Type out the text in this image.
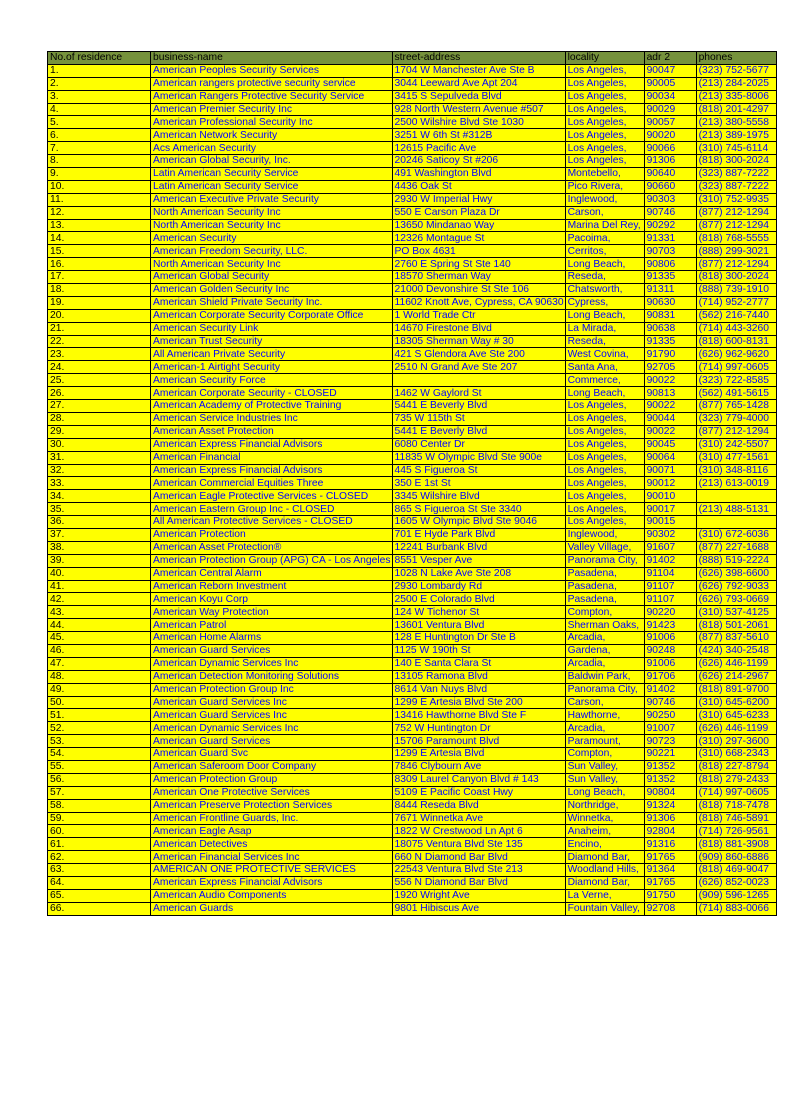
No.of residence	business-name	street-address	locality	adr 2	phones
1.	American Peoples Security Services	1704 W Manchester Ave Ste B	Los Angeles,	90047	(323) 752-5677
2.	American rangers protective security service	3044 Leeward Ave Apt 204	Los Angeles,	90005	(213) 284-2025
3.	American Rangers Protective Security Service	3415 S Sepulveda Blvd	Los Angeles,	90034	(213) 335-8006
4.	American Premier Security Inc	928 North Western Avenue #507	Los Angeles,	90029	(818) 201-4297
5.	American Professional Security Inc	2500 Wilshire Blvd Ste 1030	Los Angeles,	90057	(213) 380-5558
6.	American Network Security	3251 W 6th St #312B	Los Angeles,	90020	(213) 389-1975
7.	Acs American Security	12615 Pacific Ave	Los Angeles,	90066	(310) 745-6114
8.	American Global Security, Inc.	20246 Saticoy St #206	Los Angeles,	91306	(818) 300-2024
9.	Latin American Security Service	491 Washington Blvd	Montebello,	90640	(323) 887-7222
10.	Latin American Security Service	4436 Oak St	Pico Rivera,	90660	(323) 887-7222
11.	American Executive Private Security	2930 W Imperial Hwy	Inglewood,	90303	(310) 752-9935
12.	North American Security Inc	550 E Carson Plaza Dr	Carson,	90746	(877) 212-1294
13.	North American Security Inc	13650 Mindanao Way	Marina Del Rey,	90292	(877) 212-1294
14.	American Security	12326 Montague St	Pacoima,	91331	(818) 768-5555
15.	American Freedom Security, LLC.	PO Box 4631	Cerritos,	90703	(888) 299-3021
16.	North American Security Inc	2760 E Spring St Ste 140	Long Beach,	90806	(877) 212-1294
17.	American Global Security	18570 Sherman Way	Reseda,	91335	(818) 300-2024
18.	American Golden Security Inc	21000 Devonshire St Ste 106	Chatsworth,	91311	(888) 739-1910
19.	American Shield Private Security Inc.	11602 Knott Ave, Cypress, CA 90630	Cypress,	90630	(714) 952-2777
20.	American Corporate Security Corporate Office	1 World Trade Ctr	Long Beach,	90831	(562) 216-7440
21.	American Security Link	14670 Firestone Blvd	La Mirada,	90638	(714) 443-3260
22.	American Trust Security	18305 Sherman Way # 30	Reseda,	91335	(818) 600-8131
23.	All American Private Security	421 S Glendora Ave Ste 200	West Covina,	91790	(626) 962-9620
24.	American-1 Airtight Security	2510 N Grand Ave Ste 207	Santa Ana,	92705	(714) 997-0605
25.	American Security Force		Commerce,	90022	(323) 722-8585
26.	American Corporate Security - CLOSED	1462 W Gaylord St	Long Beach,	90813	(562) 491-5615
27.	American Academy of Protective Training	5441 E Beverly Blvd	Los Angeles,	90022	(877) 765-1428
28.	American Service Industries Inc	735 W 115th St	Los Angeles,	90044	(323) 779-4000
29.	American Asset Protection	5441 E Beverly Blvd	Los Angeles,	90022	(877) 212-1294
30.	American Express Financial Advisors	6080 Center Dr	Los Angeles,	90045	(310) 242-5507
31.	American Financial	11835 W Olympic Blvd Ste 900e	Los Angeles,	90064	(310) 477-1561
32.	American Express Financial Advisors	445 S Figueroa St	Los Angeles,	90071	(310) 348-8116
33.	American Commercial Equities Three	350 E 1st St	Los Angeles,	90012	(213) 613-0019
34.	American Eagle Protective Services - CLOSED	3345 Wilshire Blvd	Los Angeles,	90010	
35.	American Eastern Group Inc - CLOSED	865 S Figueroa St Ste 3340	Los Angeles,	90017	(213) 488-5131
36.	All American Protective Services - CLOSED	1605 W Olympic Blvd Ste 9046	Los Angeles,	90015	
37.	American Protection	701 E Hyde Park Blvd	Inglewood,	90302	(310) 672-6036
38.	American Asset Protection®	12241 Burbank Blvd	Valley Village,	91607	(877) 227-1688
39.	American Protection Group (APG) CA - Los Angeles	8551 Vesper Ave	Panorama City,	91402	(888) 519-2224
40.	American Central Alarm	1028 N Lake Ave Ste 208	Pasadena,	91104	(626) 398-6600
41.	American Reborn Investment	2930 Lombardy Rd	Pasadena,	91107	(626) 792-9033
42.	American Koyu Corp	2500 E Colorado Blvd	Pasadena,	91107	(626) 793-0669
43.	American Way Protection	124 W Tichenor St	Compton,	90220	(310) 537-4125
44.	American Patrol	13601 Ventura Blvd	Sherman Oaks,	91423	(818) 501-2061
45.	American Home Alarms	128 E Huntington Dr Ste B	Arcadia,	91006	(877) 837-5610
46.	American Guard Services	1125 W 190th St	Gardena,	90248	(424) 340-2548
47.	American Dynamic Services Inc	140 E Santa Clara St	Arcadia,	91006	(626) 446-1199
48.	American Detection Monitoring Solutions	13105 Ramona Blvd	Baldwin Park,	91706	(626) 214-2967
49.	American Protection Group Inc	8614 Van Nuys Blvd	Panorama City,	91402	(818) 891-9700
50.	American Guard Services Inc	1299 E Artesia Blvd Ste 200	Carson,	90746	(310) 645-6200
51.	American Guard Services Inc	13416 Hawthorne Blvd Ste F	Hawthorne,	90250	(310) 645-6233
52.	American Dynamic Services Inc	752 W Huntington Dr	Arcadia,	91007	(626) 446-1199
53.	American Guard Services	15706 Paramount Blvd	Paramount,	90723	(310) 297-3600
54.	American Guard Svc	1299 E Artesia Blvd	Compton,	90221	(310) 668-2343
55.	American Saferoom Door Company	7846 Clybourn Ave	Sun Valley,	91352	(818) 227-8794
56.	American Protection Group	8309 Laurel Canyon Blvd # 143	Sun Valley,	91352	(818) 279-2433
57.	American One Protective Services	5109 E Pacific Coast Hwy	Long Beach,	90804	(714) 997-0605
58.	American Preserve Protection Services	8444 Reseda Blvd	Northridge,	91324	(818) 718-7478
59.	American Frontline Guards, Inc.	7671 Winnetka Ave	Winnetka,	91306	(818) 746-5891
60.	American Eagle Asap	1822 W Crestwood Ln Apt 6	Anaheim,	92804	(714) 726-9561
61.	American Detectives	18075 Ventura Blvd Ste 135	Encino,	91316	(818) 881-3908
62.	American Financial Services Inc	660 N Diamond Bar Blvd	Diamond Bar,	91765	(909) 860-6886
63.	AMERICAN ONE PROTECTIVE SERVICES	22543 Ventura Blvd Ste 213	Woodland Hills,	91364	(818) 469-9047
64.	American Express Financial Advisors	556 N Diamond Bar Blvd	Diamond Bar,	91765	(626) 852-0023
65.	American Audio Components	1920 Wright Ave	La Verne,	91750	(909) 596-1265
66.	American Guards	9801 Hibiscus Ave	Fountain Valley,	92708	(714) 883-0066
